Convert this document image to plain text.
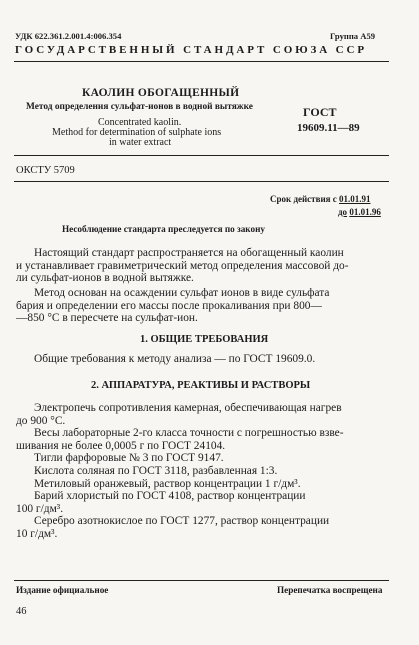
УДК 622.361.2.001.4:006.354	Группа А59
ГОСУДАРСТВЕННЫЙ СТАНДАРТ СОЮЗА ССР
КАОЛИН ОБОГАЩЕННЫЙ
Метод определения сульфат-ионов в водной вытяжке
Concentrated kaolin.
Method for determination of sulphate ions
in water extract
ГОСТ
19609.11—89
ОКСТУ 5709
Срок действия с 01.01.91
до 01.01.96
Несоблюдение стандарта преследуется по закону
Настоящий стандарт распространяется на обогащенный каолин
и устанавливает гравиметрический метод определения массовой до-
ли сульфат-ионов в водной вытяжке.
Метод основан на осаждении сульфат ионов в виде сульфата
бария и определении его массы после прокаливания при 800—
—850 °C в пересчете на сульфат-ион.
1. ОБЩИЕ ТРЕБОВАНИЯ
Общие требования к методу анализа — по ГОСТ 19609.0.
2. АППАРАТУРА, РЕАКТИВЫ И РАСТВОРЫ
Электропечь сопротивления камерная, обеспечивающая нагрев
до 900 °C.
Весы лабораторные 2-го класса точности с погрешностью взве-
шивания не более 0,0005 г по ГОСТ 24104.
Тигли фарфоровые № 3 по ГОСТ 9147.
Кислота соляная по ГОСТ 3118, разбавленная 1:3.
Метиловый оранжевый, раствор концентрации 1 г/дм³.
Барий хлористый по ГОСТ 4108, раствор концентрации
100 г/дм³.
Серебро азотнокислое по ГОСТ 1277, раствор концентрации
10 г/дм³.
Издание официальное	Перепечатка воспрещена
46
